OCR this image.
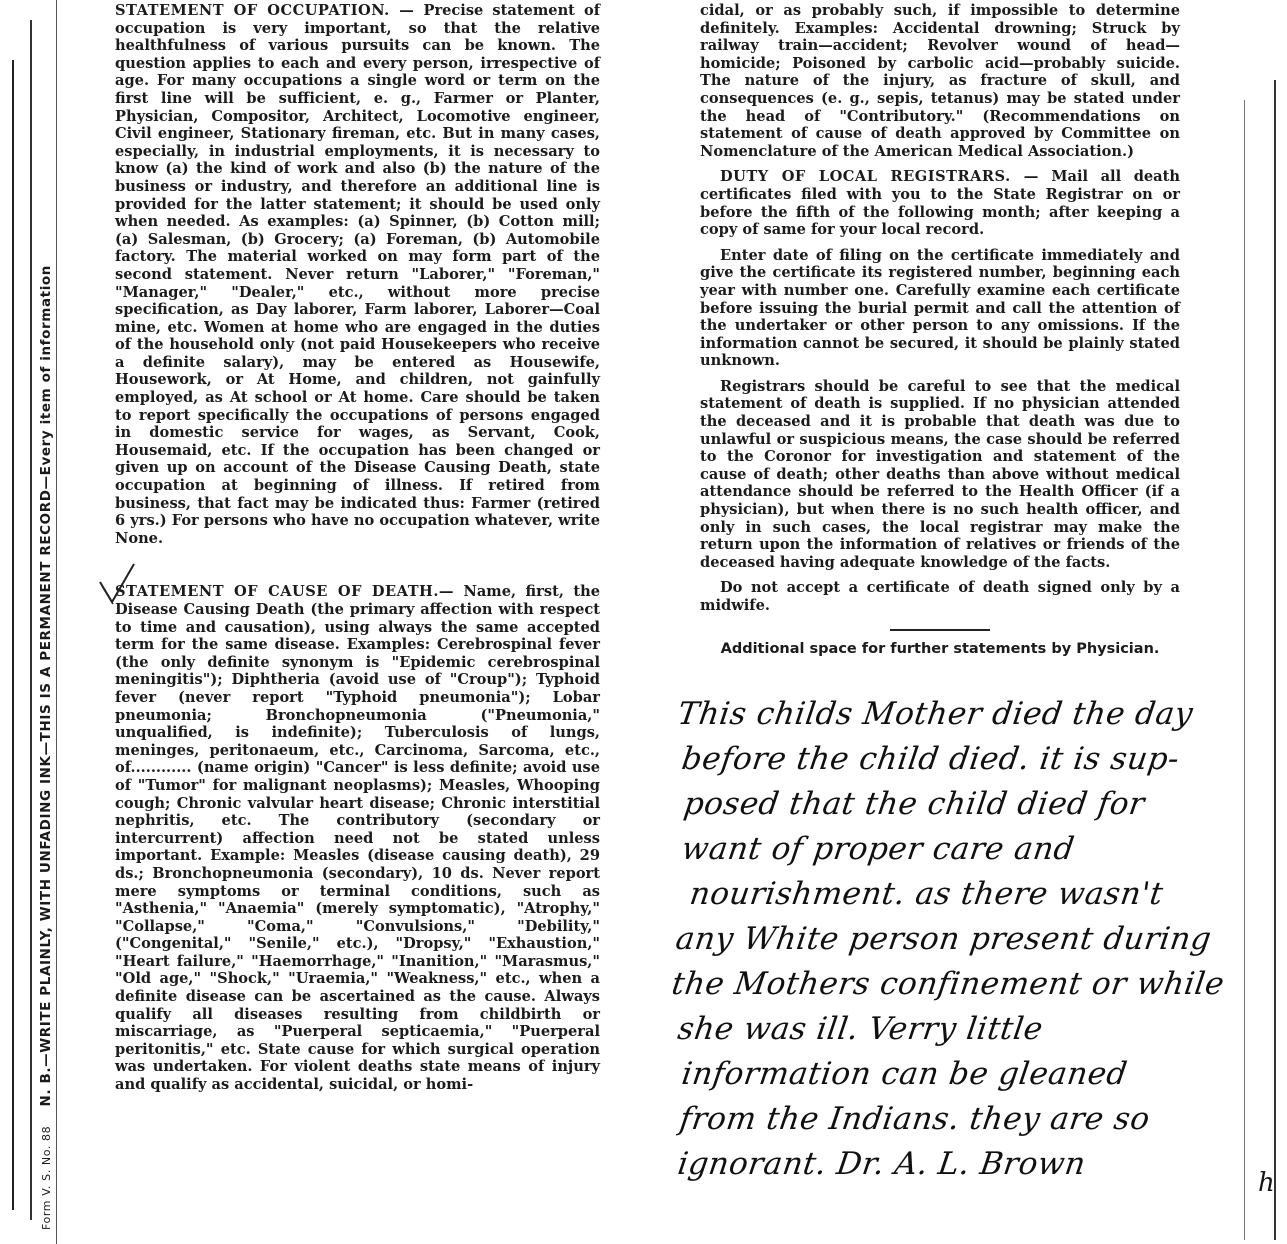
Form V. S. No. 88 N. B.—WRITE PLAINLY, WITH UNFADING INK—THIS IS A PERMANENT RECORD—Every item of information

STATEMENT OF OCCUPATION. — Precise statement of occupation is very important, so that the relative healthfulness of various pursuits can be known. The question applies to each and every person, irrespective of age. For many occupations a single word or term on the first line will be sufficient, e. g., Farmer or Planter, Physician, Compositor, Architect, Locomotive engineer, Civil engineer, Stationary fireman, etc. But in many cases, especially, in industrial employments, it is necessary to know (a) the kind of work and also (b) the nature of the business or industry, and therefore an additional line is provided for the latter statement; it should be used only when needed. As examples: (a) Spinner, (b) Cotton mill; (a) Salesman, (b) Grocery; (a) Foreman, (b) Automobile factory. The material worked on may form part of the second statement. Never return "Laborer," "Foreman," "Manager," "Dealer," etc., without more precise specification, as Day laborer, Farm laborer, Laborer—Coal mine, etc. Women at home who are engaged in the duties of the household only (not paid Housekeepers who receive a definite salary), may be entered as Housewife, Housework, or At Home, and children, not gainfully employed, as At school or At home. Care should be taken to report specifically the occupations of persons engaged in domestic service for wages, as Servant, Cook, Housemaid, etc. If the occupation has been changed or given up on account of the Disease Causing Death, state occupation at beginning of illness. If retired from business, that fact may be indicated thus: Farmer (retired 6 yrs.) For persons who have no occupation whatever, write None.

STATEMENT OF CAUSE OF DEATH.— Name, first, the Disease Causing Death (the primary affection with respect to time and causation), using always the same accepted term for the same disease. Examples: Cerebrospinal fever (the only definite synonym is "Epidemic cerebrospinal meningitis"); Diphtheria (avoid use of "Croup"); Typhoid fever (never report "Typhoid pneumonia"); Lobar pneumonia; Bronchopneumonia ("Pneumonia," unqualified, is indefinite); Tuberculosis of lungs, meninges, peritonaeum, etc., Carcinoma, Sarcoma, etc., of............ (name origin) "Cancer" is less definite; avoid use of "Tumor" for malignant neoplasms); Measles, Whooping cough; Chronic valvular heart disease; Chronic interstitial nephritis, etc. The contributory (secondary or intercurrent) affection need not be stated unless important. Example: Measles (disease causing death), 29 ds.; Bronchopneumonia (secondary), 10 ds. Never report mere symptoms or terminal conditions, such as "Asthenia," "Anaemia" (merely symptomatic), "Atrophy," "Collapse," "Coma," "Convulsions," "Debility," ("Congenital," "Senile," etc.), "Dropsy," "Exhaustion," "Heart failure," "Haemorrhage," "Inanition," "Marasmus," "Old age," "Shock," "Uraemia," "Weakness," etc., when a definite disease can be ascertained as the cause. Always qualify all diseases resulting from childbirth or miscarriage, as "Puerperal septicaemia," "Puerperal peritonitis," etc. State cause for which surgical operation was undertaken. For violent deaths state means of injury and qualify as accidental, suicidal, or homi-

cidal, or as probably such, if impossible to determine definitely. Examples: Accidental drowning; Struck by railway train—accident; Revolver wound of head—homicide; Poisoned by carbolic acid—probably suicide. The nature of the injury, as fracture of skull, and consequences (e. g., sepis, tetanus) may be stated under the head of "Contributory." (Recommendations on statement of cause of death approved by Committee on Nomenclature of the American Medical Association.)

DUTY OF LOCAL REGISTRARS. — Mail all death certificates filed with you to the State Registrar on or before the fifth of the following month; after keeping a copy of same for your local record.

Enter date of filing on the certificate immediately and give the certificate its registered number, beginning each year with number one. Carefully examine each certificate before issuing the burial permit and call the attention of the undertaker or other person to any omissions. If the information cannot be secured, it should be plainly stated unknown.

Registrars should be careful to see that the medical statement of death is supplied. If no physician attended the deceased and it is probable that death was due to unlawful or suspicious means, the case should be referred to the Coronor for investigation and statement of the cause of death; other deaths than above without medical attendance should be referred to the Health Officer (if a physician), but when there is no such health officer, and only in such cases, the local registrar may make the return upon the information of relatives or friends of the deceased having adequate knowledge of the facts.

Do not accept a certificate of death signed only by a midwife.

Additional space for further statements by Physician.
This childs Mother died the day
before the child died. it is sup-
posed that the child died for
want of proper care and
nourishment. as there wasn't
any White person present during
the Mothers confinement or while
she was ill. Verry little
information can be gleaned
from the Indians. they are so
ignorant. Dr. A. L. Brown
h
